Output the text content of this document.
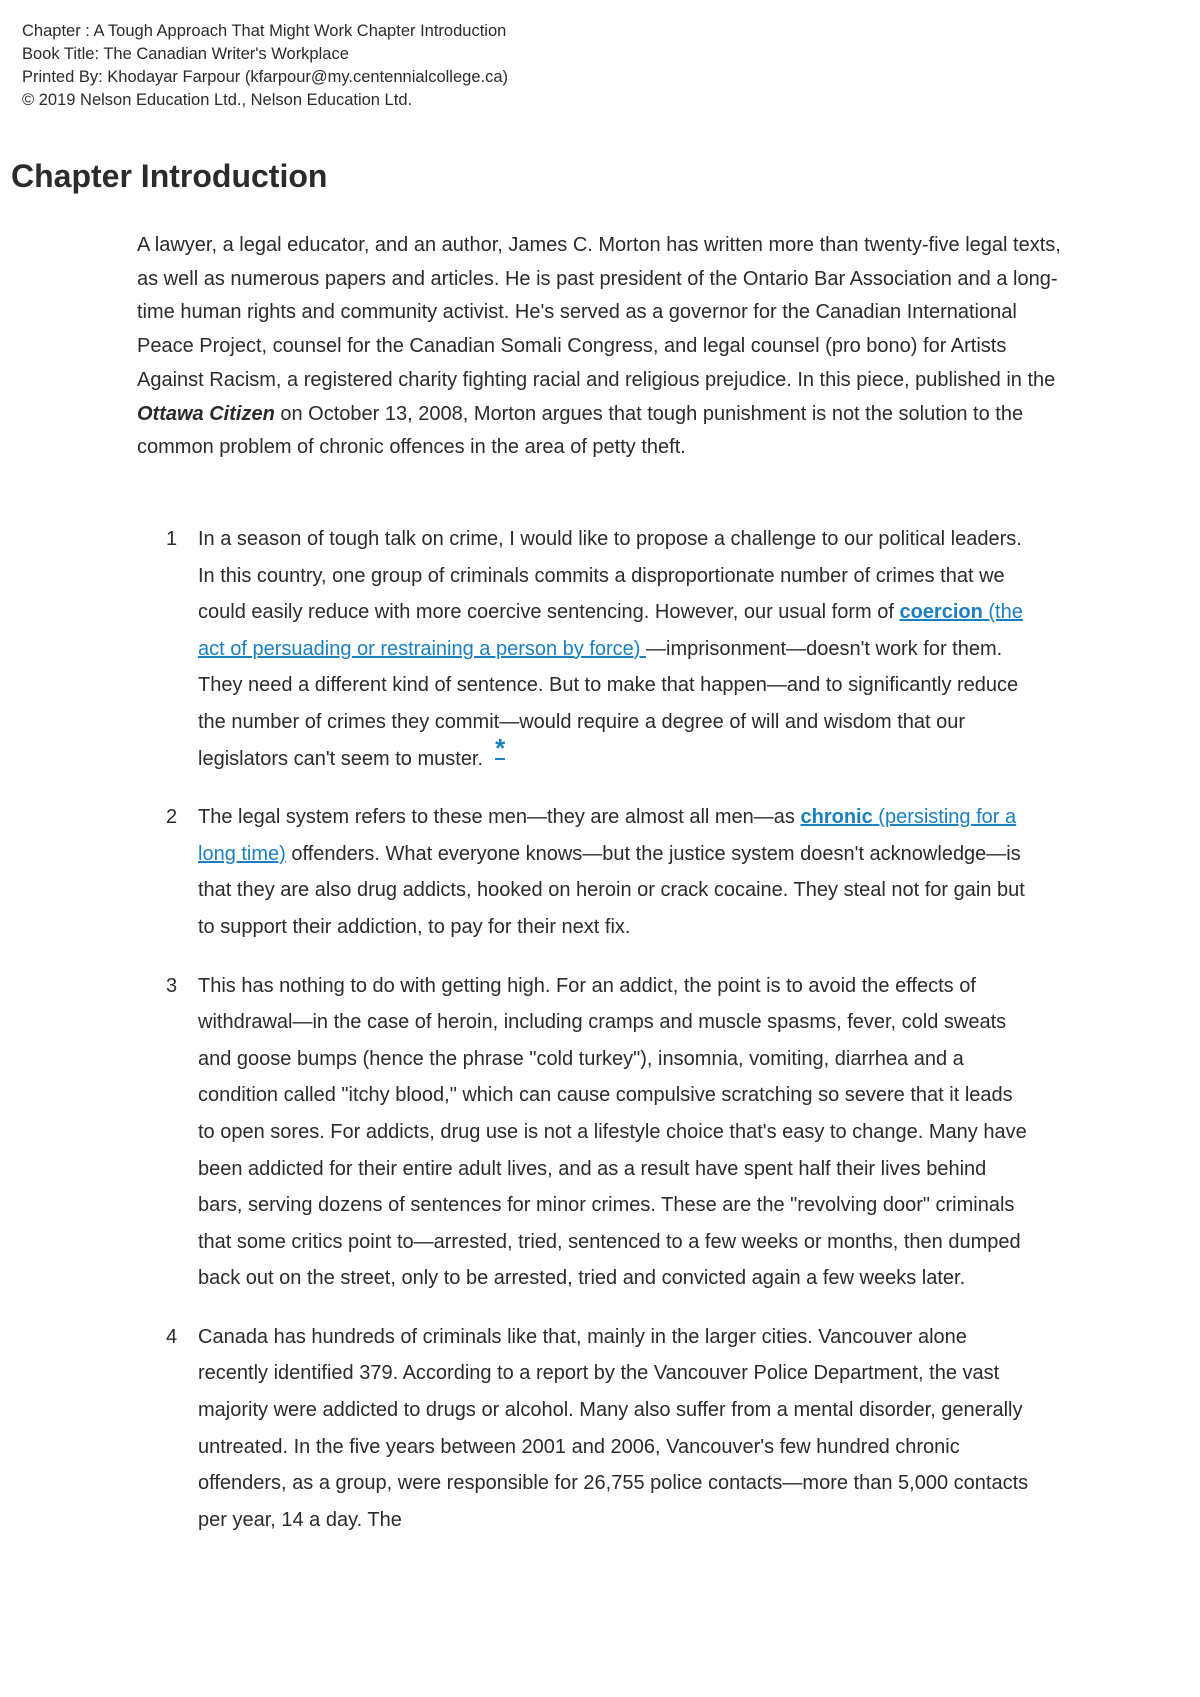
Chapter : A Tough Approach That Might Work Chapter Introduction
Book Title: The Canadian Writer's Workplace
Printed By: Khodayar Farpour (kfarpour@my.centennialcollege.ca)
© 2019 Nelson Education Ltd., Nelson Education Ltd.
Chapter Introduction

A lawyer, a legal educator, and an author, James C. Morton has written more than twenty-five legal texts, as well as numerous papers and articles. He is past president of the Ontario Bar Association and a long-time human rights and community activist. He's served as a governor for the Canadian International Peace Project, counsel for the Canadian Somali Congress, and legal counsel (pro bono) for Artists Against Racism, a registered charity fighting racial and religious prejudice. In this piece, published in the Ottawa Citizen on October 13, 2008, Morton argues that tough punishment is not the solution to the common problem of chronic offences in the area of petty theft.

1	In a season of tough talk on crime, I would like to propose a challenge to our political leaders. In this country, one group of criminals commits a disproportionate number of crimes that we could easily reduce with more coercive sentencing. However, our usual form of coercion (the act of persuading or restraining a person by force) —imprisonment—doesn't work for them. They need a different kind of sentence. But to make that happen—and to significantly reduce the number of crimes they commit—would require a degree of will and wisdom that our legislators can't seem to muster. *

2	The legal system refers to these men—they are almost all men—as chronic (persisting for a long time) offenders. What everyone knows—but the justice system doesn't acknowledge—is that they are also drug addicts, hooked on heroin or crack cocaine. They steal not for gain but to support their addiction, to pay for their next fix.

3	This has nothing to do with getting high. For an addict, the point is to avoid the effects of withdrawal—in the case of heroin, including cramps and muscle spasms, fever, cold sweats and goose bumps (hence the phrase "cold turkey"), insomnia, vomiting, diarrhea and a condition called "itchy blood," which can cause compulsive scratching so severe that it leads to open sores. For addicts, drug use is not a lifestyle choice that's easy to change. Many have been addicted for their entire adult lives, and as a result have spent half their lives behind bars, serving dozens of sentences for minor crimes. These are the "revolving door" criminals that some critics point to—arrested, tried, sentenced to a few weeks or months, then dumped back out on the street, only to be arrested, tried and convicted again a few weeks later.

4	Canada has hundreds of criminals like that, mainly in the larger cities. Vancouver alone recently identified 379. According to a report by the Vancouver Police Department, the vast majority were addicted to drugs or alcohol. Many also suffer from a mental disorder, generally untreated. In the five years between 2001 and 2006, Vancouver's few hundred chronic offenders, as a group, were responsible for 26,755 police contacts—more than 5,000 contacts per year, 14 a day. The
